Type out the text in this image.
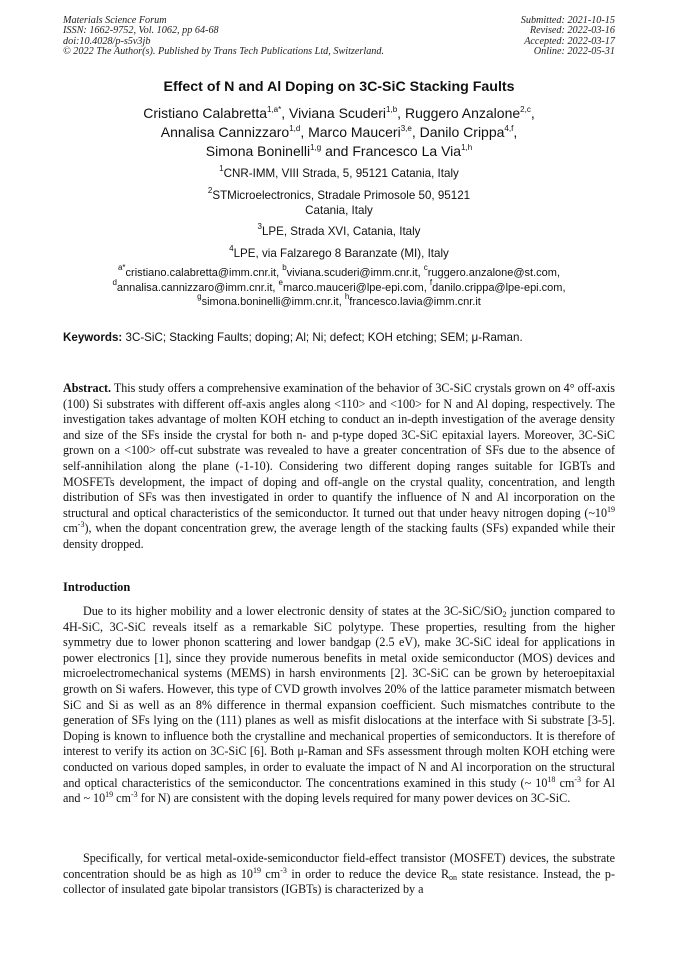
Materials Science Forum
ISSN: 1662-9752, Vol. 1062, pp 64-68
doi:10.4028/p-s5v3jb
© 2022 The Author(s). Published by Trans Tech Publications Ltd, Switzerland.
Submitted: 2021-10-15
Revised: 2022-03-16
Accepted: 2022-03-17
Online: 2022-05-31
Effect of N and Al Doping on 3C-SiC Stacking Faults
Cristiano Calabretta$^{1,a*}$, Viviana Scuderi$^{1,b}$, Ruggero Anzalone$^{2,c}$,
Annalisa Cannizzaro$^{1,d}$, Marco Mauceri$^{3,e}$, Danilo Crippa$^{4,f}$,
Simona Boninelli$^{1,g}$ and Francesco La Via$^{1,h}$
$^1$CNR-IMM, VIII Strada, 5, 95121 Catania, Italy
$^2$STMicroelectronics, Stradale Primosole 50, 95121
Catania, Italy
$^3$LPE, Strada XVI, Catania, Italy
$^4$LPE, via Falzarego 8 Baranzate (MI), Italy
$^{a*}$cristiano.calabretta@imm.cnr.it, $^b$viviana.scuderi@imm.cnr.it, $^c$ruggero.anzalone@st.com,
$^d$annalisa.cannizzaro@imm.cnr.it, $^e$marco.mauceri@lpe-epi.com, $^f$danilo.crippa@lpe-epi.com,
$^g$simona.boninelli@imm.cnr.it, $^h$francesco.lavia@imm.cnr.it
Keywords: 3C-SiC; Stacking Faults; doping; Al; Ni; defect; KOH etching; SEM; μ-Raman.
Abstract. This study offers a comprehensive examination of the behavior of 3C-SiC crystals grown on 4° off-axis (100) Si substrates with different off-axis angles along <110> and <100> for N and Al doping, respectively. The investigation takes advantage of molten KOH etching to conduct an in-depth investigation of the average density and size of the SFs inside the crystal for both n- and p-type doped 3C-SiC epitaxial layers. Moreover, 3C-SiC grown on a <100> off-cut substrate was revealed to have a greater concentration of SFs due to the absence of self-annihilation along the plane (-1-10). Considering two different doping ranges suitable for IGBTs and MOSFETs development, the impact of doping and off-angle on the crystal quality, concentration, and length distribution of SFs was then investigated in order to quantify the influence of N and Al incorporation on the structural and optical characteristics of the semiconductor. It turned out that under heavy nitrogen doping ($\sim 10^{19}$ $cm^{-3}$), when the dopant concentration grew, the average length of the stacking faults (SFs) expanded while their density dropped.
Introduction
Due to its higher mobility and a lower electronic density of states at the 3C-SiC/SiO$_2$ junction compared to 4H-SiC, 3C-SiC reveals itself as a remarkable SiC polytype. These properties, resulting from the higher symmetry due to lower phonon scattering and lower bandgap (2.5 eV), make 3C-SiC ideal for applications in power electronics [1], since they provide numerous benefits in metal oxide semiconductor (MOS) devices and microelectromechanical systems (MEMS) in harsh environments [2]. 3C-SiC can be grown by heteroepitaxial growth on Si wafers. However, this type of CVD growth involves 20% of the lattice parameter mismatch between SiC and Si as well as an 8% difference in thermal expansion coefficient. Such mismatches contribute to the generation of SFs lying on the (111) planes as well as misfit dislocations at the interface with Si substrate [3-5]. Doping is known to influence both the crystalline and mechanical properties of semiconductors. It is therefore of interest to verify its action on 3C-SiC [6]. Both μ-Raman and SFs assessment through molten KOH etching were conducted on various doped samples, in order to evaluate the impact of N and Al incorporation on the structural and optical characteristics of the semiconductor. The concentrations examined in this study (~ $10^{18}$ $cm^{-3}$ for Al and ~ $10^{19}$ $cm^{-3}$ for N) are consistent with the doping levels required for many power devices on 3C-SiC.
Specifically, for vertical metal-oxide-semiconductor field-effect transistor (MOSFET) devices, the substrate concentration should be as high as $10^{19}$ $cm^{-3}$ in order to reduce the device $R_{on}$ state resistance. Instead, the p-collector of insulated gate bipolar transistors (IGBTs) is characterized by a
